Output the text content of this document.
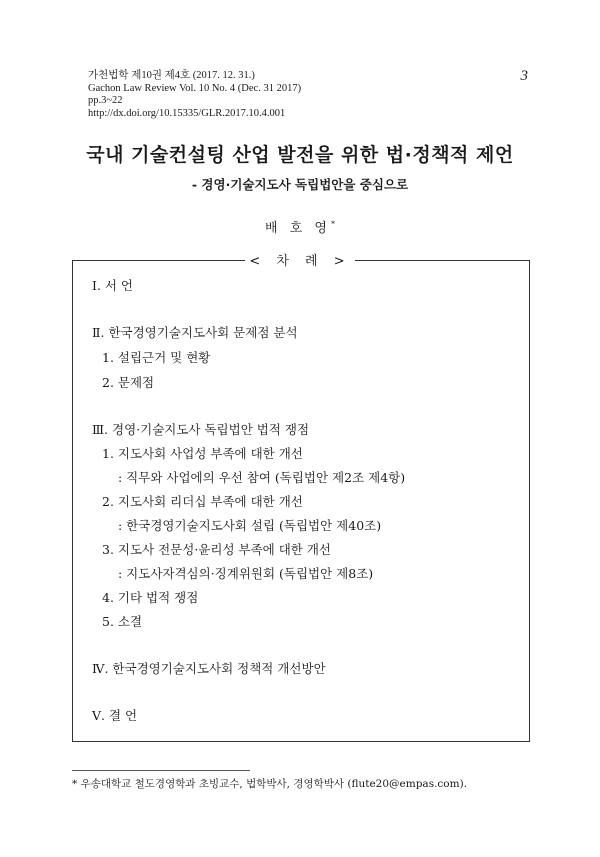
가천법학 제10권 제4호 (2017. 12. 31.)
Gachon Law Review Vol. 10 No. 4 (Dec. 31 2017)
pp.3~22
http://dx.doi.org/10.15335/GLR.2017.10.4.001
3
국내 기술컨설팅 산업 발전을 위한 법·정책적 제언
- 경영·기술지도사 독립법안을 중심으로
배 호 영*
< 차 례 >
Ⅰ. 서 언
Ⅱ. 한국경영기술지도사회 문제점 분석
1. 설립근거 및 현황
2. 문제점
Ⅲ. 경영·기술지도사 독립법안 법적 쟁점
1. 지도사회 사업성 부족에 대한 개선
: 직무와 사업에의 우선 참여 (독립법안 제2조 제4항)
2. 지도사회 리더십 부족에 대한 개선
: 한국경영기술지도사회 설립 (독립법안 제40조)
3. 지도사 전문성·윤리성 부족에 대한 개선
: 지도사자격심의·징계위원회 (독립법안 제8조)
4. 기타 법적 쟁점
5. 소결
Ⅳ. 한국경영기술지도사회 정책적 개선방안
Ⅴ. 결 언
* 우송대학교 철도경영학과 초빙교수, 법학박사, 경영학박사 (flute20@empas.com).
